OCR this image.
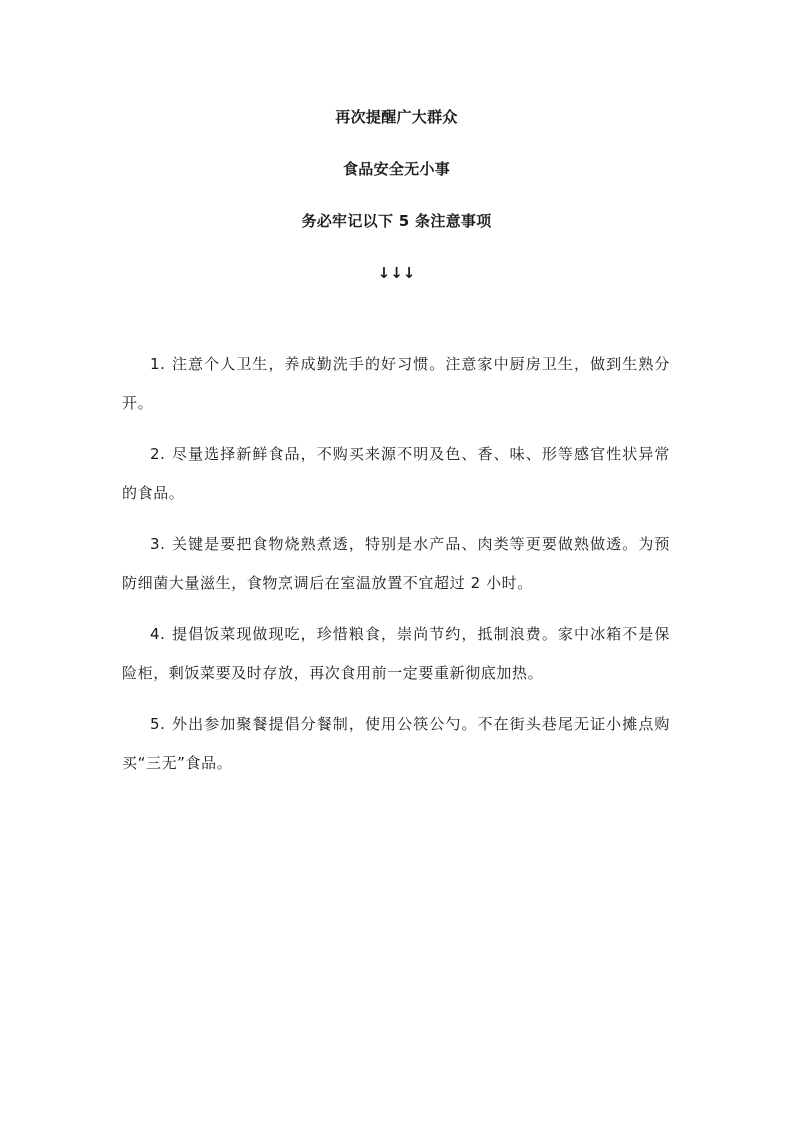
再次提醒广大群众
食品安全无小事
务必牢记以下 5 条注意事项
↓↓↓

1. 注意个人卫生，养成勤洗手的好习惯。注意家中厨房卫生，做到生熟分开。

2. 尽量选择新鲜食品，不购买来源不明及色、香、味、形等感官性状异常的食品。

3. 关键是要把食物烧熟煮透，特别是水产品、肉类等更要做熟做透。为预防细菌大量滋生，食物烹调后在室温放置不宜超过 2 小时。

4. 提倡饭菜现做现吃，珍惜粮食，崇尚节约，抵制浪费。家中冰箱不是保险柜，剩饭菜要及时存放，再次食用前一定要重新彻底加热。

5. 外出参加聚餐提倡分餐制，使用公筷公勺。不在街头巷尾无证小摊点购买“三无”食品。
